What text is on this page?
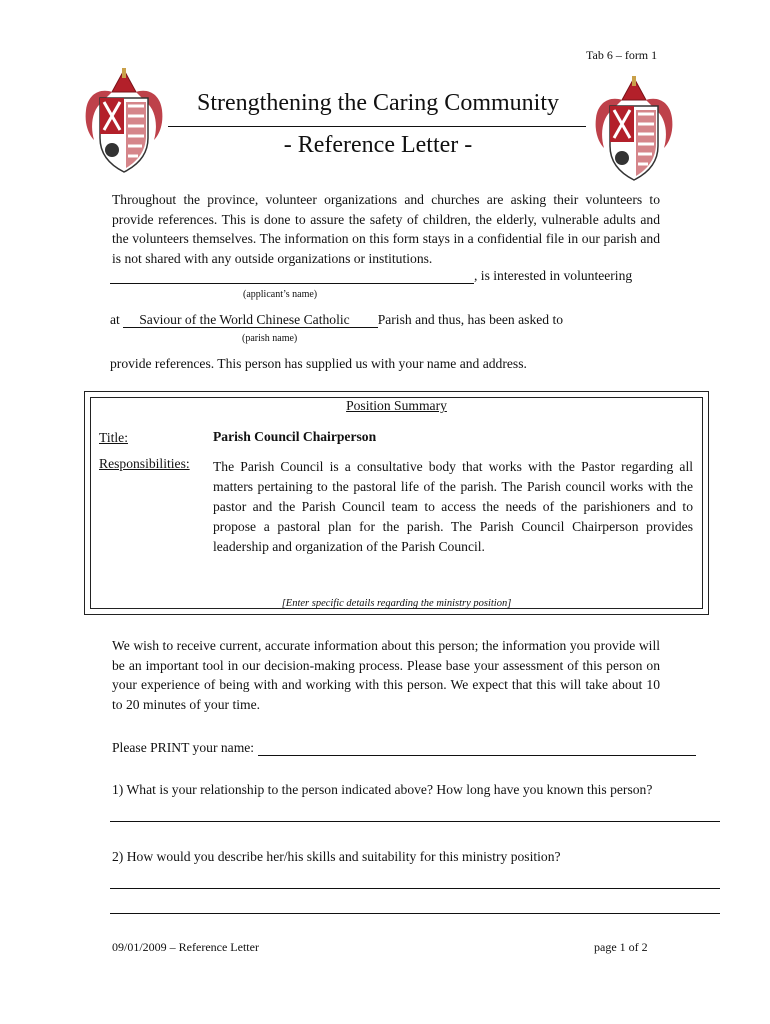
Tab 6 – form 1
Strengthening the Caring Community
- Reference Letter -
Throughout the province, volunteer organizations and churches are asking their volunteers to provide references. This is done to assure the safety of children, the elderly, vulnerable adults and the volunteers themselves. The information on this form stays in a confidential file in our parish and is not shared with any outside organizations or institutions.
, is interested in volunteering
(applicant’s name)
at Saviour of the World Chinese Catholic Parish and thus, has been asked to
(parish name)
provide references. This person has supplied us with your name and address.
Position Summary
Title:	Parish Council Chairperson
Responsibilities: The Parish Council is a consultative body that works with the Pastor regarding all matters pertaining to the pastoral life of the parish. The Parish council works with the pastor and the Parish Council team to access the needs of the parishioners and to propose a pastoral plan for the parish. The Parish Council Chairperson provides leadership and organization of the Parish Council.
[Enter specific details regarding the ministry position]
We wish to receive current, accurate information about this person; the information you provide will be an important tool in our decision-making process. Please base your assessment of this person on your experience of being with and working with this person. We expect that this will take about 10 to 20 minutes of your time.
Please PRINT your name:
1) What is your relationship to the person indicated above? How long have you known this person?
2) How would you describe her/his skills and suitability for this ministry position?
09/01/2009 – Reference Letter	page 1 of 2
